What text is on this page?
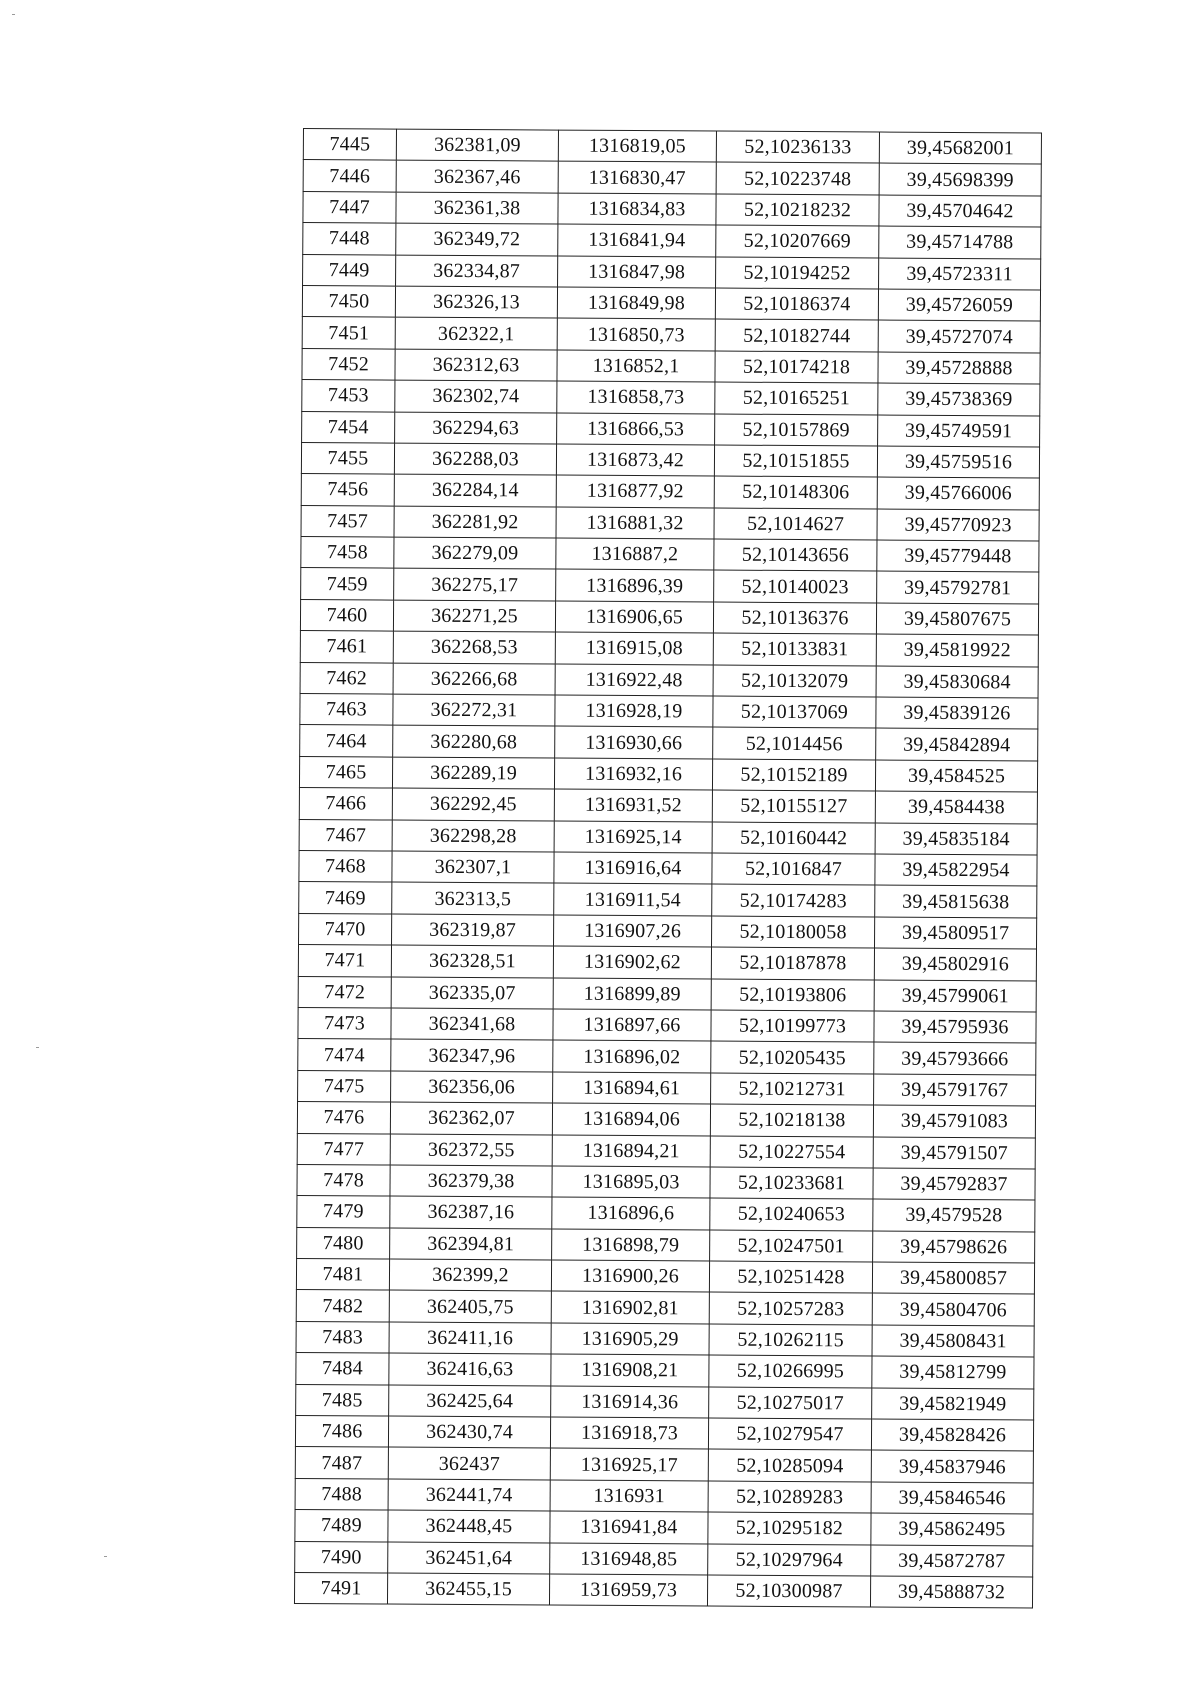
7445	362381,09	1316819,05	52,10236133	39,45682001
7446	362367,46	1316830,47	52,10223748	39,45698399
7447	362361,38	1316834,83	52,10218232	39,45704642
7448	362349,72	1316841,94	52,10207669	39,45714788
7449	362334,87	1316847,98	52,10194252	39,45723311
7450	362326,13	1316849,98	52,10186374	39,45726059
7451	362322,1	1316850,73	52,10182744	39,45727074
7452	362312,63	1316852,1	52,10174218	39,45728888
7453	362302,74	1316858,73	52,10165251	39,45738369
7454	362294,63	1316866,53	52,10157869	39,45749591
7455	362288,03	1316873,42	52,10151855	39,45759516
7456	362284,14	1316877,92	52,10148306	39,45766006
7457	362281,92	1316881,32	52,1014627	39,45770923
7458	362279,09	1316887,2	52,10143656	39,45779448
7459	362275,17	1316896,39	52,10140023	39,45792781
7460	362271,25	1316906,65	52,10136376	39,45807675
7461	362268,53	1316915,08	52,10133831	39,45819922
7462	362266,68	1316922,48	52,10132079	39,45830684
7463	362272,31	1316928,19	52,10137069	39,45839126
7464	362280,68	1316930,66	52,1014456	39,45842894
7465	362289,19	1316932,16	52,10152189	39,4584525
7466	362292,45	1316931,52	52,10155127	39,4584438
7467	362298,28	1316925,14	52,10160442	39,45835184
7468	362307,1	1316916,64	52,1016847	39,45822954
7469	362313,5	1316911,54	52,10174283	39,45815638
7470	362319,87	1316907,26	52,10180058	39,45809517
7471	362328,51	1316902,62	52,10187878	39,45802916
7472	362335,07	1316899,89	52,10193806	39,45799061
7473	362341,68	1316897,66	52,10199773	39,45795936
7474	362347,96	1316896,02	52,10205435	39,45793666
7475	362356,06	1316894,61	52,10212731	39,45791767
7476	362362,07	1316894,06	52,10218138	39,45791083
7477	362372,55	1316894,21	52,10227554	39,45791507
7478	362379,38	1316895,03	52,10233681	39,45792837
7479	362387,16	1316896,6	52,10240653	39,4579528
7480	362394,81	1316898,79	52,10247501	39,45798626
7481	362399,2	1316900,26	52,10251428	39,45800857
7482	362405,75	1316902,81	52,10257283	39,45804706
7483	362411,16	1316905,29	52,10262115	39,45808431
7484	362416,63	1316908,21	52,10266995	39,45812799
7485	362425,64	1316914,36	52,10275017	39,45821949
7486	362430,74	1316918,73	52,10279547	39,45828426
7487	362437	1316925,17	52,10285094	39,45837946
7488	362441,74	1316931	52,10289283	39,45846546
7489	362448,45	1316941,84	52,10295182	39,45862495
7490	362451,64	1316948,85	52,10297964	39,45872787
7491	362455,15	1316959,73	52,10300987	39,45888732
